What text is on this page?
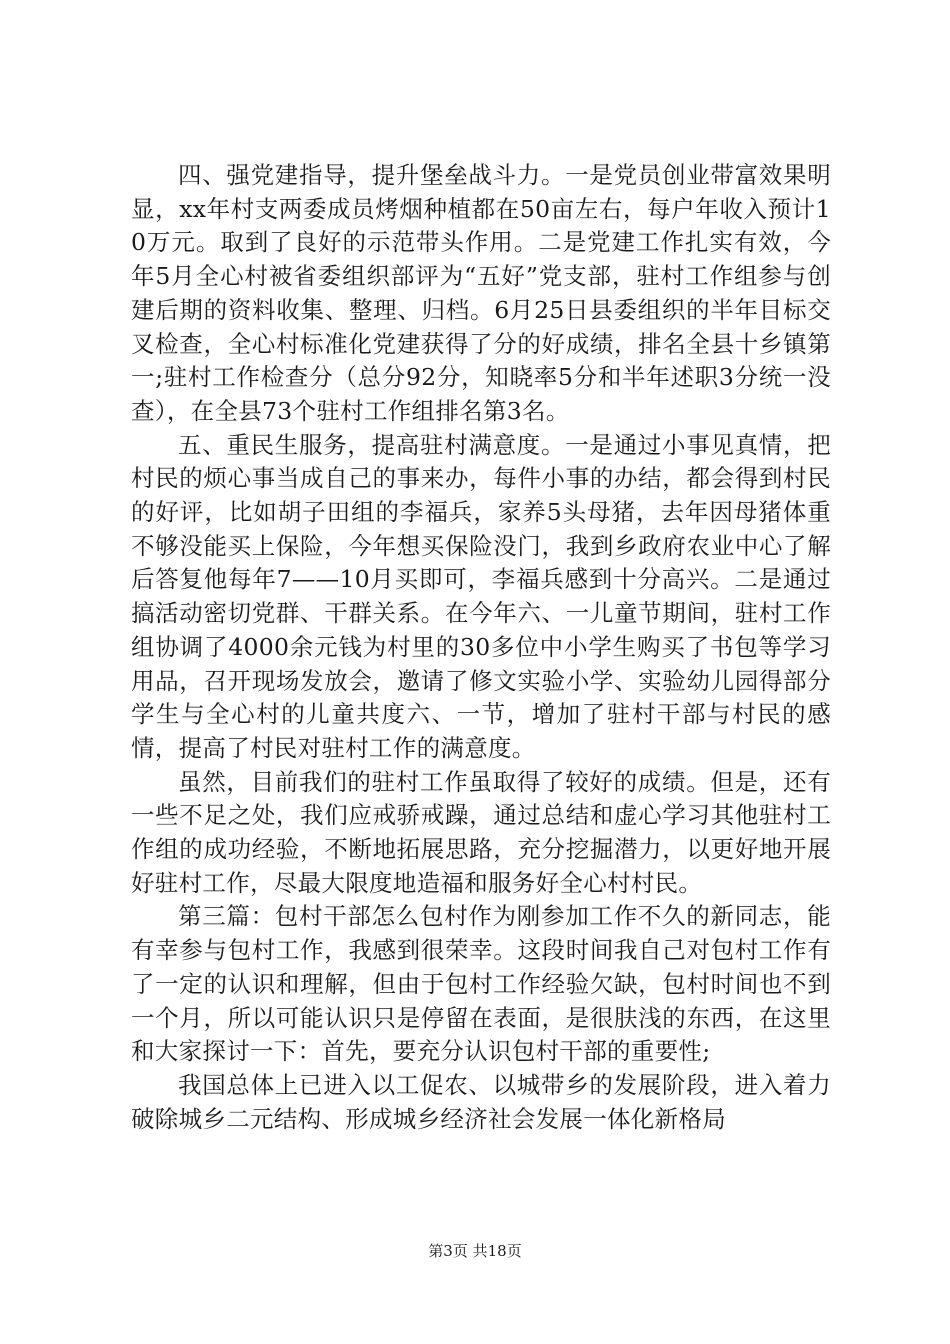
四、强党建指导，提升堡垒战斗力。一是党员创业带富效果明显，xx年村支两委成员烤烟种植都在50亩左右，每户年收入预计10万元。取到了良好的示范带头作用。二是党建工作扎实有效，今年5月全心村被省委组织部评为“五好”党支部，驻村工作组参与创建后期的资料收集、整理、归档。6月25日县委组织的半年目标交叉检查，全心村标准化党建获得了分的好成绩，排名全县十乡镇第一;驻村工作检查分（总分92分，知晓率5分和半年述职3分统一没查），在全县73个驻村工作组排名第3名。

五、重民生服务，提高驻村满意度。一是通过小事见真情，把村民的烦心事当成自己的事来办，每件小事的办结，都会得到村民的好评，比如胡子田组的李福兵，家养5头母猪，去年因母猪体重不够没能买上保险，今年想买保险没门，我到乡政府农业中心了解后答复他每年7——10月买即可，李福兵感到十分高兴。二是通过搞活动密切党群、干群关系。在今年六、一儿童节期间，驻村工作组协调了4000余元钱为村里的30多位中小学生购买了书包等学习用品，召开现场发放会，邀请了修文实验小学、实验幼儿园得部分学生与全心村的儿童共度六、一节，增加了驻村干部与村民的感情，提高了村民对驻村工作的满意度。

虽然，目前我们的驻村工作虽取得了较好的成绩。但是，还有一些不足之处，我们应戒骄戒躁，通过总结和虚心学习其他驻村工作组的成功经验，不断地拓展思路，充分挖掘潜力，以更好地开展好驻村工作，尽最大限度地造福和服务好全心村村民。

第三篇：包村干部怎么包村作为刚参加工作不久的新同志，能有幸参与包村工作，我感到很荣幸。这段时间我自己对包村工作有了一定的认识和理解，但由于包村工作经验欠缺，包村时间也不到一个月，所以可能认识只是停留在表面，是很肤浅的东西，在这里和大家探讨一下：首先，要充分认识包村干部的重要性;

我国总体上已进入以工促农、以城带乡的发展阶段，进入着力破除城乡二元结构、形成城乡经济社会发展一体化新格局

第3页 共18页
